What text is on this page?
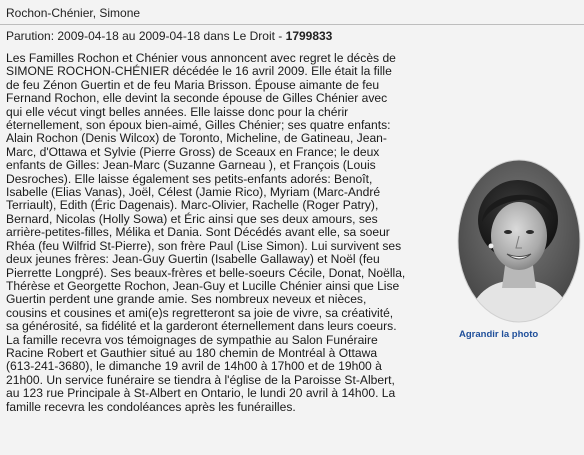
Rochon-Chénier, Simone
Parution: 2009-04-18 au 2009-04-18 dans Le Droit - 1799833

Les Familles Rochon et Chénier vous annoncent avec regret le décès de
SIMONE ROCHON-CHÉNIER décédée le 16 avril 2009. Elle était la fille
de feu Zénon Guertin et de feu Maria Brisson. Épouse aimante de feu
Fernand Rochon, elle devint la seconde épouse de Gilles Chénier avec
qui elle vécut vingt belles années. Elle laisse donc pour la chérir
éternellement, son époux bien-aimé, Gilles Chénier; ses quatre enfants:
Alain Rochon (Denis Wilcox) de Toronto, Micheline, de Gatineau, Jean-
Marc, d'Ottawa et Sylvie (Pierre Gross) de Sceaux en France; le deux
enfants de Gilles: Jean-Marc (Suzanne Garneau ), et François (Louis
Desroches). Elle laisse également ses petits-enfants adorés: Benoît,
Isabelle (Elias Vanas), Joël, Célest (Jamie Rico), Myriam (Marc-André
Terriault), Edith (Éric Dagenais). Marc-Olivier, Rachelle (Roger Patry),
Bernard, Nicolas (Holly Sowa) et Éric ainsi que ses deux amours, ses
arrière-petites-filles, Mélika et Dania. Sont Décédés avant elle, sa soeur
Rhéa (feu Wilfrid St-Pierre), son frère Paul (Lise Simon). Lui survivent ses
deux jeunes frères: Jean-Guy Guertin (Isabelle Gallaway) et Noël (feu
Pierrette Longpré). Ses beaux-frères et belle-soeurs Cécile, Donat, Noëlla,
Thérèse et Georgette Rochon, Jean-Guy et Lucille Chénier ainsi que Lise
Guertin perdent une grande amie. Ses nombreux neveux et nièces,
cousins et cousines et ami(e)s regretteront sa joie de vivre, sa créativité,
sa générosité, sa fidélité et la garderont éternellement dans leurs coeurs.
La famille recevra vos témoignages de sympathie au Salon Funéraire
Racine Robert et Gauthier situé au 180 chemin de Montréal à Ottawa
(613-241-3680), le dimanche 19 avril de 14h00 à 17h00 et de 19h00 à
21h00. Un service funéraire se tiendra à l'église de la Paroisse St-Albert,
au 123 rue Principale à St-Albert en Ontario, le lundi 20 avril à 14h00. La
famille recevra les condoléances après les funérailles.

Agrandir la photo
